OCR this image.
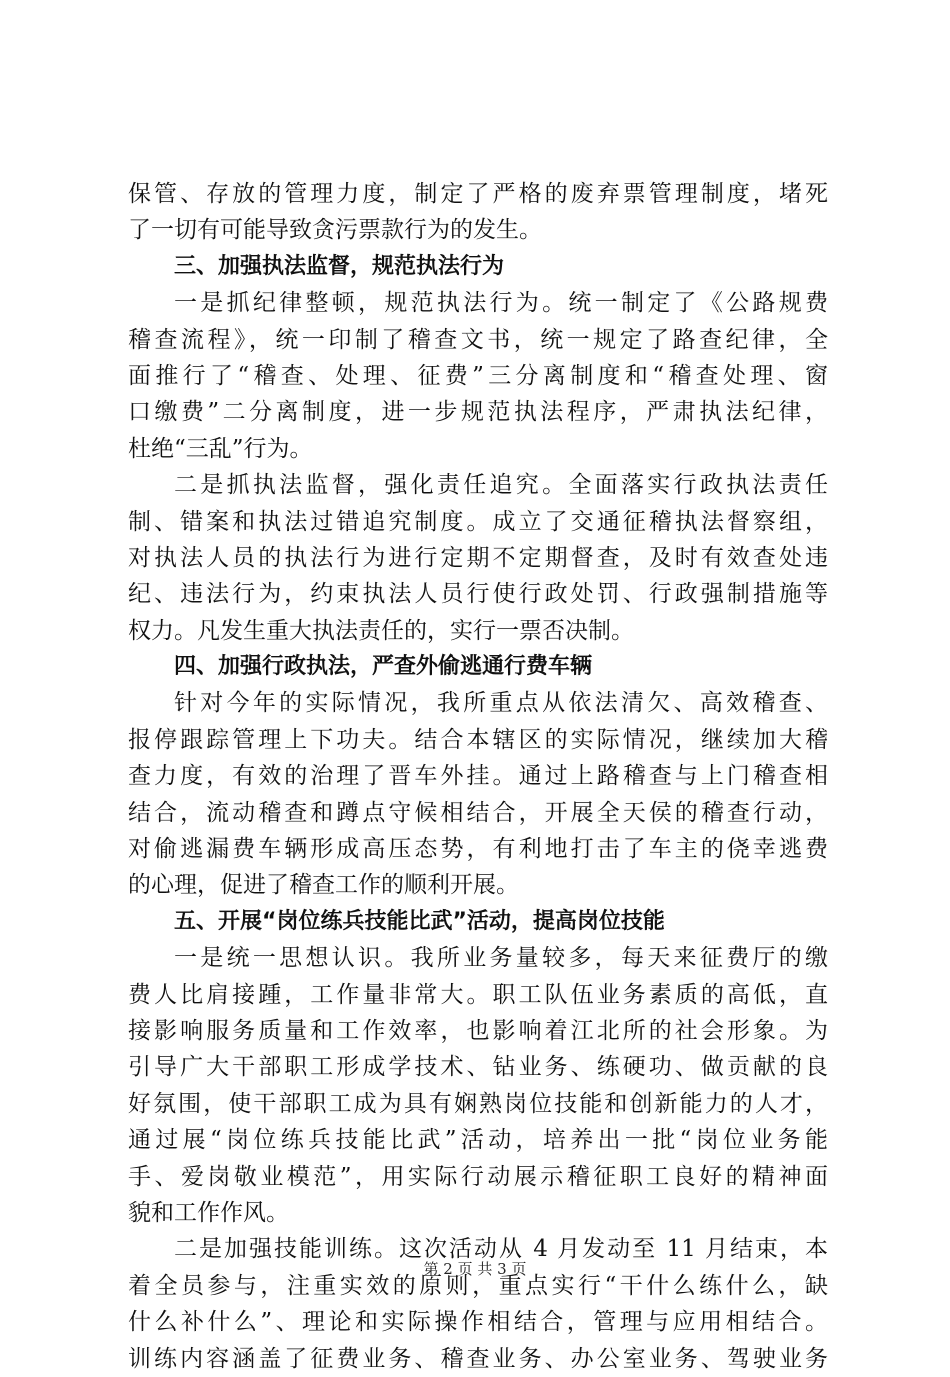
保管、存放的管理力度，制定了严格的废弃票管理制度，堵死
了一切有可能导致贪污票款行为的发生。
三、加强执法监督，规范执法行为
一是抓纪律整顿，规范执法行为。统一制定了《公路规费
稽查流程》，统一印制了稽查文书，统一规定了路查纪律，全
面推行了“稽查、处理、征费”三分离制度和“稽查处理、窗
口缴费”二分离制度，进一步规范执法程序，严肃执法纪律，
杜绝“三乱”行为。
二是抓执法监督，强化责任追究。全面落实行政执法责任
制、错案和执法过错追究制度。成立了交通征稽执法督察组，
对执法人员的执法行为进行定期不定期督查，及时有效查处违
纪、违法行为，约束执法人员行使行政处罚、行政强制措施等
权力。凡发生重大执法责任的，实行一票否决制。
四、加强行政执法，严查外偷逃通行费车辆
针对今年的实际情况，我所重点从依法清欠、高效稽查、
报停跟踪管理上下功夫。结合本辖区的实际情况，继续加大稽
查力度，有效的治理了晋车外挂。通过上路稽查与上门稽查相
结合，流动稽查和蹲点守候相结合，开展全天侯的稽查行动，
对偷逃漏费车辆形成高压态势，有利地打击了车主的侥幸逃费
的心理，促进了稽查工作的顺利开展。
五、开展“岗位练兵技能比武”活动，提高岗位技能
一是统一思想认识。我所业务量较多，每天来征费厅的缴
费人比肩接踵，工作量非常大。职工队伍业务素质的高低，直
接影响服务质量和工作效率，也影响着江北所的社会形象。为
引导广大干部职工形成学技术、钻业务、练硬功、做贡献的良
好氛围，使干部职工成为具有娴熟岗位技能和创新能力的人才，
通过展“岗位练兵技能比武”活动，培养出一批“岗位业务能
手、爱岗敬业模范”，用实际行动展示稽征职工良好的精神面
貌和工作作风。
二是加强技能训练。这次活动从 4 月发动至 11 月结束，本
着全员参与，注重实效的原则，重点实行“干什么练什么，缺
什么补什么”、理论和实际操作相结合，管理与应用相结合。
训练内容涵盖了征费业务、稽查业务、办公室业务、驾驶业务
第 2 页 共 3 页
